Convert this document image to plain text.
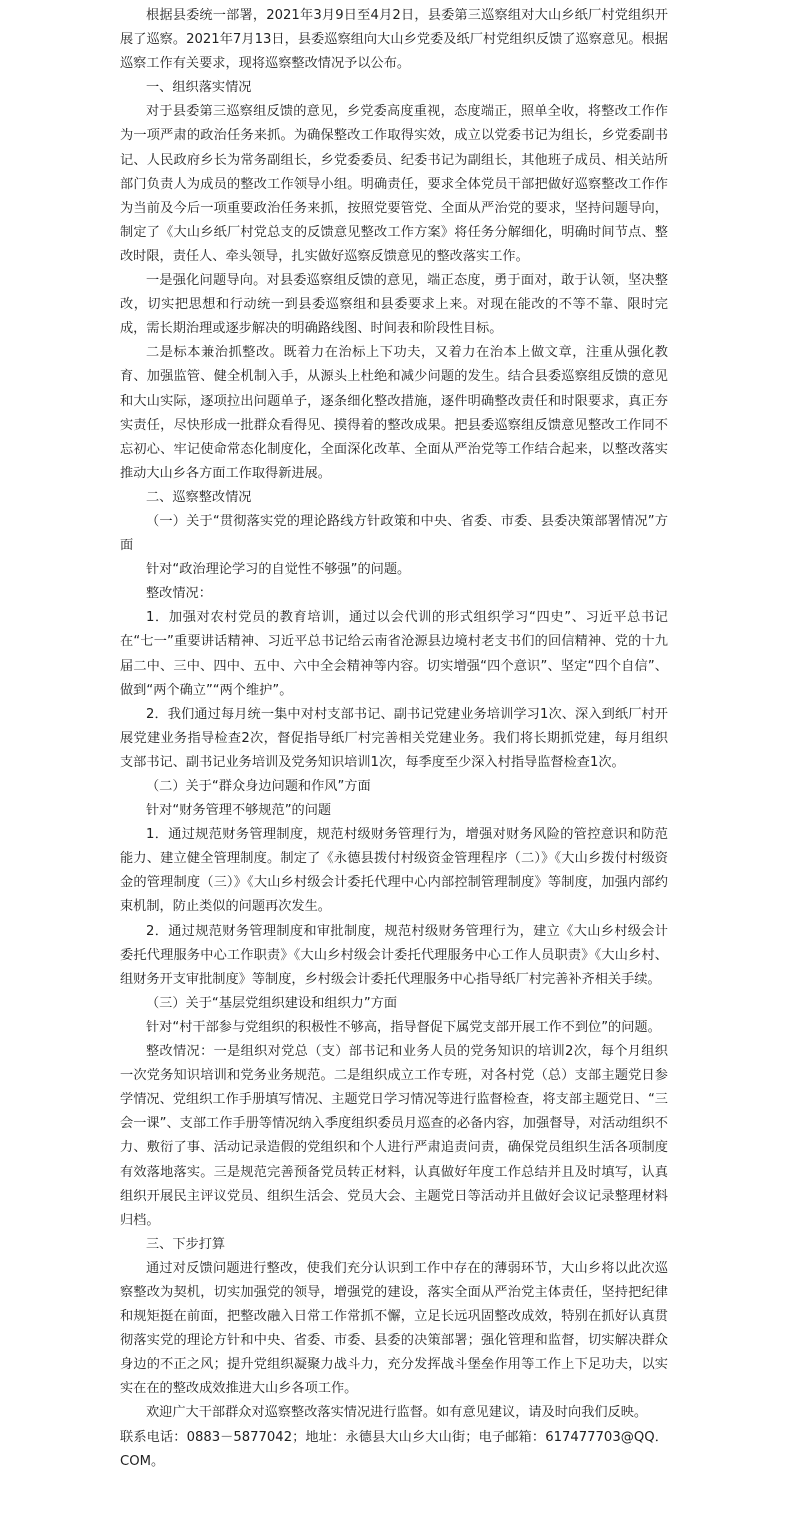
根据县委统一部署，2021年3月9日至4月2日，县委第三巡察组对大山乡纸厂村党组织开展了巡察。2021年7月13日，县委巡察组向大山乡党委及纸厂村党组织反馈了巡察意见。根据巡察工作有关要求，现将巡察整改情况予以公布。

一、组织落实情况

对于县委第三巡察组反馈的意见，乡党委高度重视，态度端正，照单全收，将整改工作作为一项严肃的政治任务来抓。为确保整改工作取得实效，成立以党委书记为组长，乡党委副书记、人民政府乡长为常务副组长，乡党委委员、纪委书记为副组长，其他班子成员、相关站所部门负责人为成员的整改工作领导小组。明确责任，要求全体党员干部把做好巡察整改工作作为当前及今后一项重要政治任务来抓，按照党要管党、全面从严治党的要求，坚持问题导向，制定了《大山乡纸厂村党总支的反馈意见整改工作方案》将任务分解细化，明确时间节点、整改时限，责任人、牵头领导，扎实做好巡察反馈意见的整改落实工作。

一是强化问题导向。对县委巡察组反馈的意见，端正态度，勇于面对，敢于认领，坚决整改，切实把思想和行动统一到县委巡察组和县委要求上来。对现在能改的不等不靠、限时完成，需长期治理或逐步解决的明确路线图、时间表和阶段性目标。

二是标本兼治抓整改。既着力在治标上下功夫，又着力在治本上做文章，注重从强化教育、加强监管、健全机制入手，从源头上杜绝和减少问题的发生。结合县委巡察组反馈的意见和大山实际，逐项拉出问题单子，逐条细化整改措施，逐件明确整改责任和时限要求，真正夯实责任，尽快形成一批群众看得见、摸得着的整改成果。把县委巡察组反馈意见整改工作同不忘初心、牢记使命常态化制度化，全面深化改革、全面从严治党等工作结合起来，以整改落实推动大山乡各方面工作取得新进展。

二、巡察整改情况

（一）关于“贯彻落实党的理论路线方针政策和中央、省委、市委、县委决策部署情况”方面

针对“政治理论学习的自觉性不够强”的问题。

整改情况：

1．加强对农村党员的教育培训，通过以会代训的形式组织学习“四史”、习近平总书记在“七一”重要讲话精神、习近平总书记给云南省沧源县边境村老支书们的回信精神、党的十九届二中、三中、四中、五中、六中全会精神等内容。切实增强“四个意识”、坚定“四个自信”、做到“两个确立”“两个维护”。

2．我们通过每月统一集中对村支部书记、副书记党建业务培训学习1次、深入到纸厂村开展党建业务指导检查2次，督促指导纸厂村完善相关党建业务。我们将长期抓党建，每月组织支部书记、副书记业务培训及党务知识培训1次，每季度至少深入村指导监督检查1次。

（二）关于“群众身边问题和作风”方面

针对“财务管理不够规范”的问题

1．通过规范财务管理制度，规范村级财务管理行为，增强对财务风险的管控意识和防范能力、建立健全管理制度。制定了《永德县拨付村级资金管理程序（二）》《大山乡拨付村级资金的管理制度（三）》《大山乡村级会计委托代理中心内部控制管理制度》等制度，加强内部约束机制，防止类似的问题再次发生。

2．通过规范财务管理制度和审批制度，规范村级财务管理行为，建立《大山乡村级会计委托代理服务中心工作职责》《大山乡村级会计委托代理服务中心工作人员职责》《大山乡村、组财务开支审批制度》等制度，乡村级会计委托代理服务中心指导纸厂村完善补齐相关手续。

（三）关于“基层党组织建设和组织力”方面

针对“村干部参与党组织的积极性不够高，指导督促下属党支部开展工作不到位”的问题。

整改情况：一是组织对党总（支）部书记和业务人员的党务知识的培训2次，每个月组织一次党务知识培训和党务业务规范。二是组织成立工作专班，对各村党（总）支部主题党日参学情况、党组织工作手册填写情况、主题党日学习情况等进行监督检查，将支部主题党日、“三会一课”、支部工作手册等情况纳入季度组织委员月巡查的必备内容，加强督导，对活动组织不力、敷衍了事、活动记录造假的党组织和个人进行严肃追责问责，确保党员组织生活各项制度有效落地落实。三是规范完善预备党员转正材料，认真做好年度工作总结并且及时填写，认真组织开展民主评议党员、组织生活会、党员大会、主题党日等活动并且做好会议记录整理材料归档。

三、下步打算

通过对反馈问题进行整改，使我们充分认识到工作中存在的薄弱环节，大山乡将以此次巡察整改为契机，切实加强党的领导，增强党的建设，落实全面从严治党主体责任，坚持把纪律和规矩挺在前面，把整改融入日常工作常抓不懈，立足长远巩固整改成效，特别在抓好认真贯彻落实党的理论方针和中央、省委、市委、县委的决策部署；强化管理和监督，切实解决群众身边的不正之风；提升党组织凝聚力战斗力，充分发挥战斗堡垒作用等工作上下足功夫，以实实在在的整改成效推进大山乡各项工作。

欢迎广大干部群众对巡察整改落实情况进行监督。如有意见建议，请及时向我们反映。

联系电话：0883－5877042；地址：永德县大山乡大山街；电子邮箱：617477703@QQ．COM。
